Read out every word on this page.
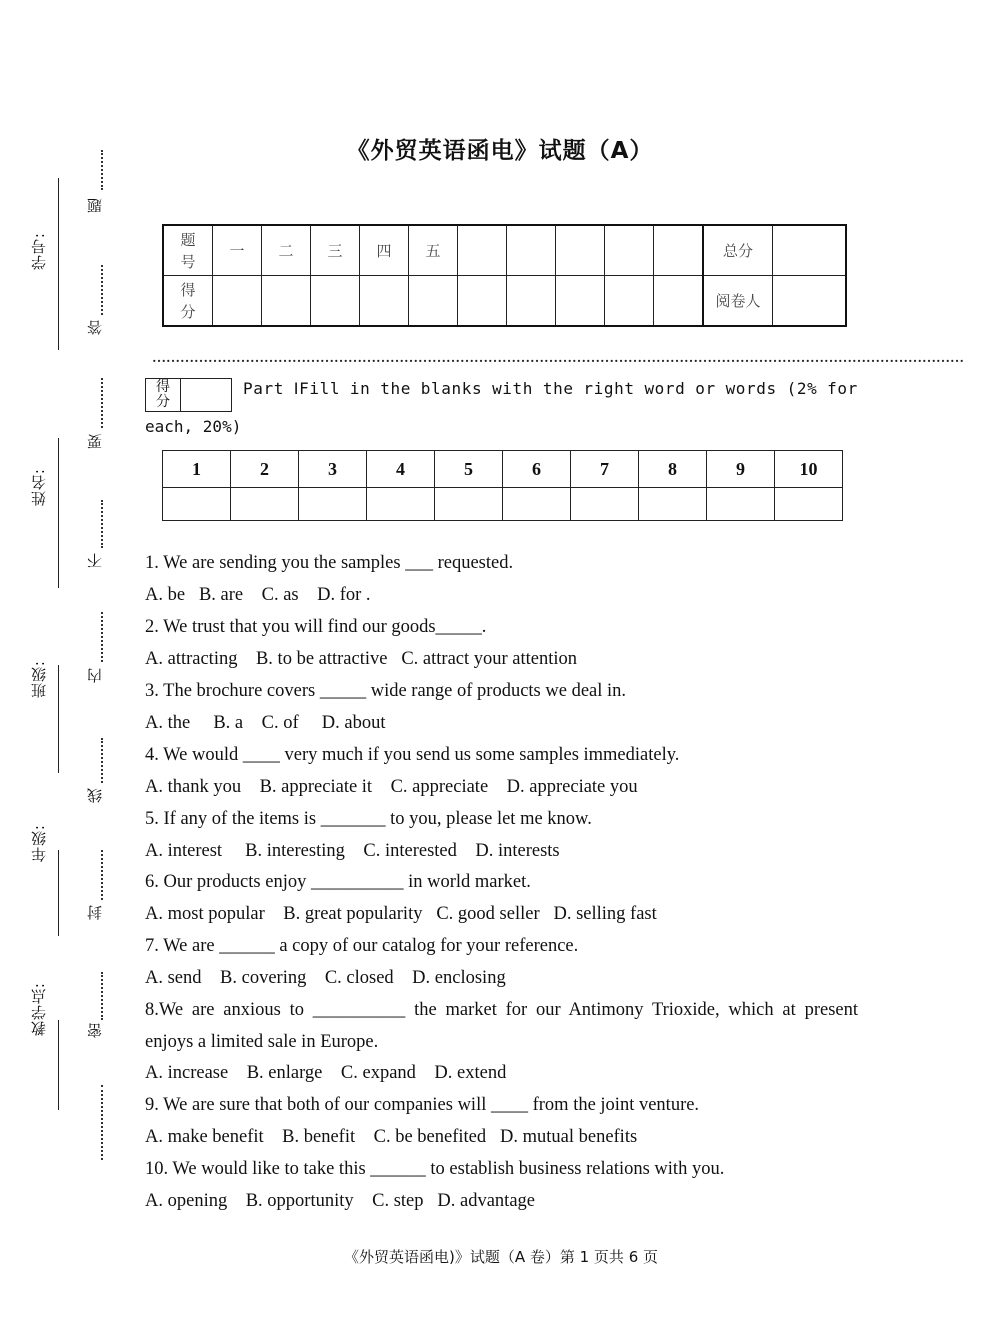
学号:
姓名:
班级:
年级:
教学点:
题
答
要
不
内
线
封
密
《外贸英语函电》试题（A）
题号	一	二	三	四	五						总分	
得分											阅卷人	
…………………………………………………………………………………………………………………………………………………………
得分	
Part ⅠFill in the blanks with the right word or words (2% for
each, 20%)
1	2	3	4	5	6	7	8	9	10

1. We are sending you the samples ___ requested.
A. be   B. are    C. as    D. for .
2. We trust that you will find our goods_____.
A. attracting    B. to be attractive   C. attract your attention
3. The brochure covers _____ wide range of products we deal in.
A. the     B. a    C. of     D. about
4. We would ____ very much if you send us some samples immediately.
A. thank you    B. appreciate it    C. appreciate    D. appreciate you
5. If any of the items is _______ to you, please let me know.
A. interest     B. interesting    C. interested    D. interests
6. Our products enjoy __________ in world market.
A. most popular    B. great popularity   C. good seller   D. selling fast
7. We are ______ a copy of our catalog for your reference.
A. send    B. covering    C. closed    D. enclosing
8.We are anxious to __________ the market for our Antimony Trioxide, which at present
enjoys a limited sale in Europe.
A. increase    B. enlarge    C. expand    D. extend
9. We are sure that both of our companies will ____ from the joint venture.
A. make benefit    B. benefit    C. be benefited   D. mutual benefits
10. We would like to take this ______ to establish business relations with you.
A. opening    B. opportunity    C. step   D. advantage
《外贸英语函电)》试题（A 卷）第 1 页共 6 页
